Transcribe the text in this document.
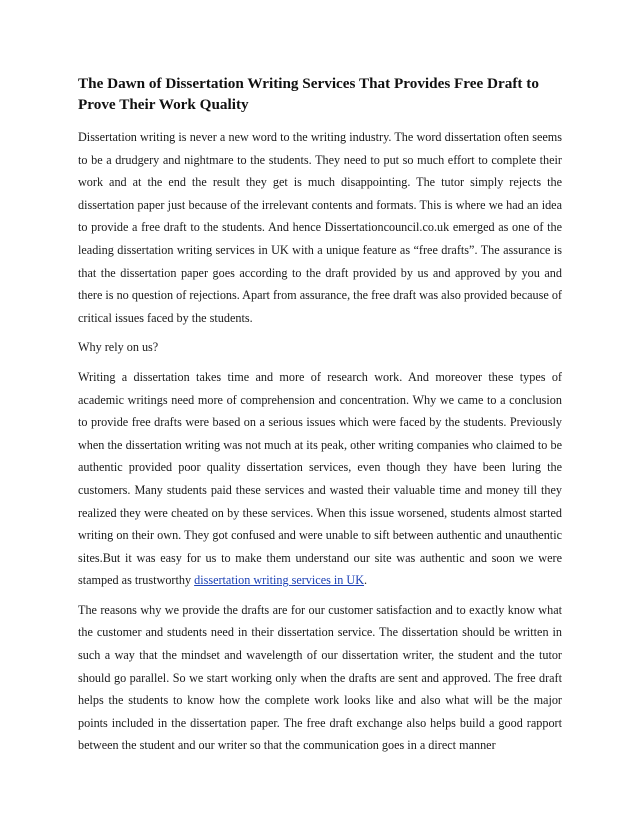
The Dawn of Dissertation Writing Services That Provides Free Draft to Prove Their Work Quality

Dissertation writing is never a new word to the writing industry. The word dissertation often seems to be a drudgery and nightmare to the students. They need to put so much effort to complete their work and at the end the result they get is much disappointing. The tutor simply rejects the dissertation paper just because of the irrelevant contents and formats. This is where we had an idea to provide a free draft to the students. And hence Dissertationcouncil.co.uk emerged as one of the leading dissertation writing services in UK with a unique feature as “free drafts”. The assurance is that the dissertation paper goes according to the draft provided by us and approved by you and there is no question of rejections. Apart from assurance, the free draft was also provided because of critical issues faced by the students.

Why rely on us?

Writing a dissertation takes time and more of research work. And moreover these types of academic writings need more of comprehension and concentration. Why we came to a conclusion to provide free drafts were based on a serious issues which were faced by the students. Previously when the dissertation writing was not much at its peak, other writing companies who claimed to be authentic provided poor quality dissertation services, even though they have been luring the customers. Many students paid these services and wasted their valuable time and money till they realized they were cheated on by these services. When this issue worsened, students almost started writing on their own. They got confused and were unable to sift between authentic and unauthentic sites.But it was easy for us to make them understand our site was authentic and soon we were stamped as trustworthy dissertation writing services in UK.

The reasons why we provide the drafts are for our customer satisfaction and to exactly know what the customer and students need in their dissertation service. The dissertation should be written in such a way that the mindset and wavelength of our dissertation writer, the student and the tutor should go parallel. So we start working only when the drafts are sent and approved. The free draft helps the students to know how the complete work looks like and also what will be the major points included in the dissertation paper. The free draft exchange also helps build a good rapport between the student and our writer so that the communication goes in a direct manner
